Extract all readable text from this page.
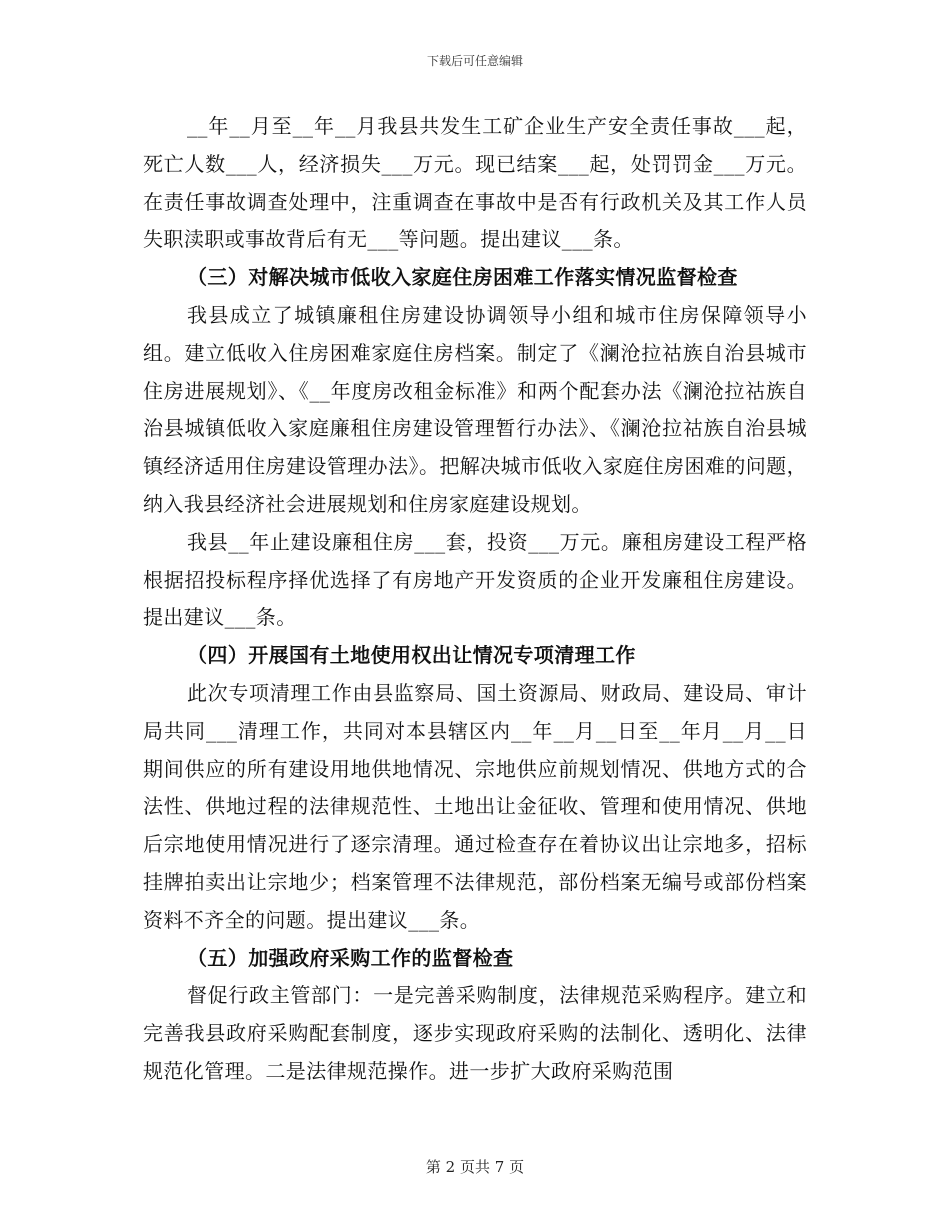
下载后可任意编辑

__年__月至__年__月我县共发生工矿企业生产安全责任事故___起，死亡人数___人，经济损失___万元。现已结案___起，处罚罚金___万元。在责任事故调查处理中，注重调查在事故中是否有行政机关及其工作人员失职渎职或事故背后有无___等问题。提出建议___条。

（三）对解决城市低收入家庭住房困难工作落实情况监督检查

我县成立了城镇廉租住房建设协调领导小组和城市住房保障领导小组。建立低收入住房困难家庭住房档案。制定了《澜沧拉祜族自治县城市住房进展规划》、《__年度房改租金标准》和两个配套办法《澜沧拉祜族自治县城镇低收入家庭廉租住房建设管理暂行办法》、《澜沧拉祜族自治县城镇经济适用住房建设管理办法》。把解决城市低收入家庭住房困难的问题，纳入我县经济社会进展规划和住房家庭建设规划。

我县__年止建设廉租住房___套，投资___万元。廉租房建设工程严格根据招投标程序择优选择了有房地产开发资质的企业开发廉租住房建设。提出建议___条。

（四）开展国有土地使用权出让情况专项清理工作

此次专项清理工作由县监察局、国土资源局、财政局、建设局、审计局共同___清理工作，共同对本县辖区内__年__月__日至__年月__月__日期间供应的所有建设用地供地情况、宗地供应前规划情况、供地方式的合法性、供地过程的法律规范性、土地出让金征收、管理和使用情况、供地后宗地使用情况进行了逐宗清理。通过检查存在着协议出让宗地多，招标挂牌拍卖出让宗地少；档案管理不法律规范，部份档案无编号或部份档案资料不齐全的问题。提出建议___条。

（五）加强政府采购工作的监督检查

督促行政主管部门：一是完善采购制度，法律规范采购程序。建立和完善我县政府采购配套制度，逐步实现政府采购的法制化、透明化、法律规范化管理。二是法律规范操作。进一步扩大政府采购范围

第 2 页共 7 页
